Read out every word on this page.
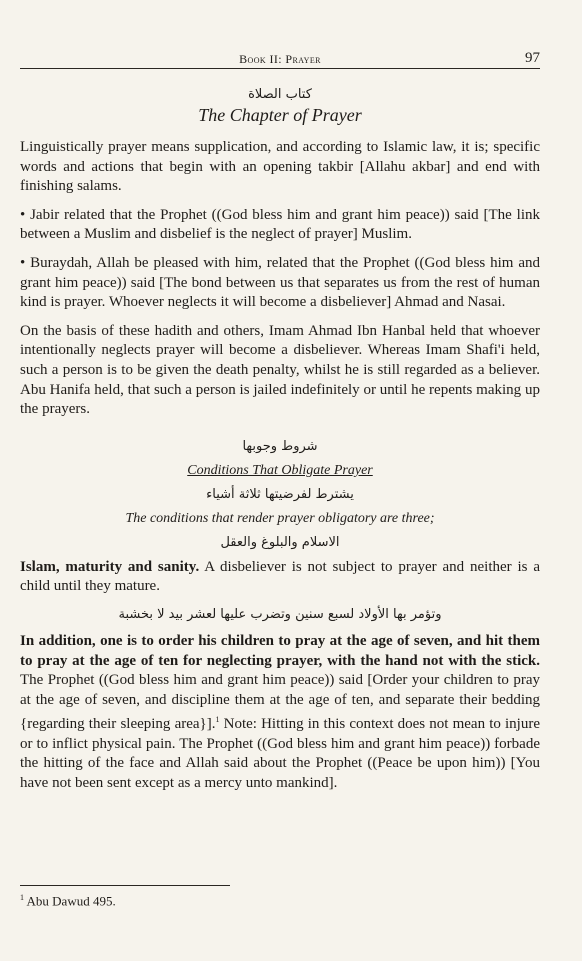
Book II: Prayer	97
كتاب الصلاة
The Chapter of Prayer

Linguistically prayer means supplication, and according to Islamic law, it is; specific words and actions that begin with an opening takbir [Allahu akbar] and end with finishing salams.

• Jabir related that the Prophet ((God bless him and grant him peace)) said [The link between a Muslim and disbelief is the neglect of prayer] Muslim.

• Buraydah, Allah be pleased with him, related that the Prophet ((God bless him and grant him peace)) said [The bond between us that separates us from the rest of human kind is prayer. Whoever neglects it will become a disbeliever] Ahmad and Nasai.

On the basis of these hadith and others, Imam Ahmad Ibn Hanbal held that whoever intentionally neglects prayer will become a disbeliever. Whereas Imam Shafi'i held, such a person is to be given the death penalty, whilst he is still regarded as a believer. Abu Hanifa held, that such a person is jailed indefinitely or until he repents making up the prayers.

شروط وجوبها
Conditions That Obligate Prayer
يشترط لفرضيتها ثلاثة أشياء
The conditions that render prayer obligatory are three;
الاسلام والبلوغ والعقل

Islam, maturity and sanity. A disbeliever is not subject to prayer and neither is a child until they mature.

وتؤمر بها الأولاد لسبع سنين وتضرب عليها لعشر بيد لا بخشبة

In addition, one is to order his children to pray at the age of seven, and hit them to pray at the age of ten for neglecting prayer, with the hand not with the stick. The Prophet ((God bless him and grant him peace)) said [Order your children to pray at the age of seven, and discipline them at the age of ten, and separate their bedding {regarding their sleeping area}].$^1$ Note: Hitting in this context does not mean to injure or to inflict physical pain. The Prophet ((God bless him and grant him peace)) forbade the hitting of the face and Allah said about the Prophet ((Peace be upon him)) [You have not been sent except as a mercy unto mankind].

$^1$ Abu Dawud 495.
